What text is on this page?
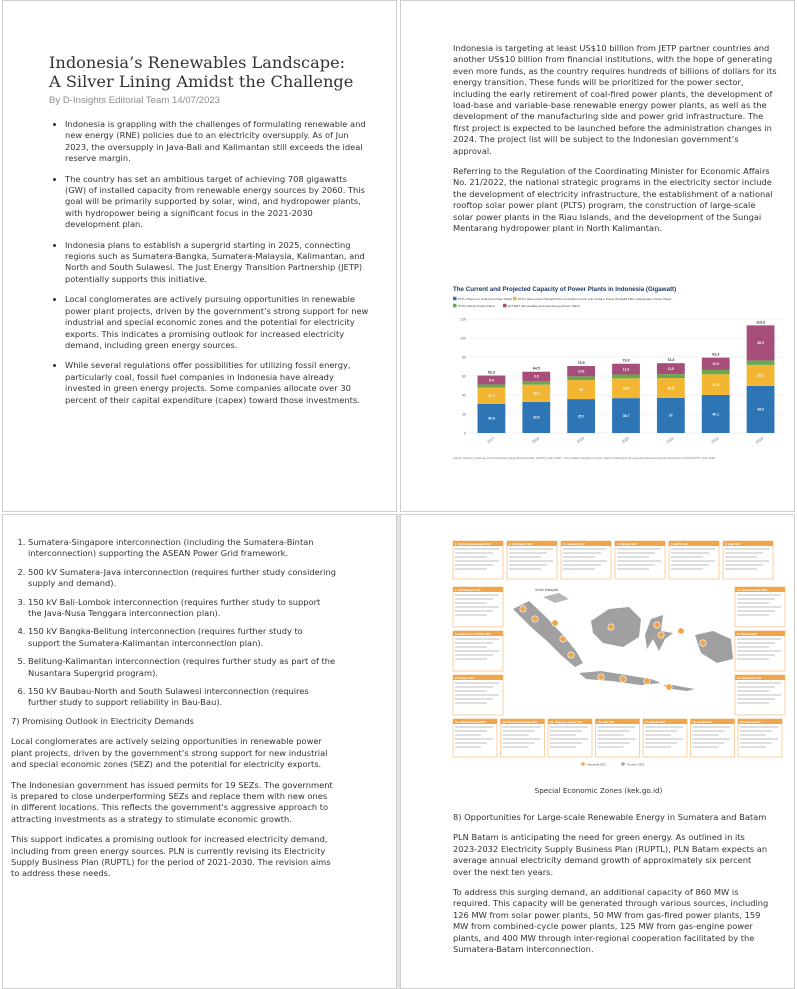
Indonesia’s Renewables Landscape: A Silver Lining Amidst the Challenge
By D-Insights Editorial Team 14/07/2023
• Indonesia is grappling with the challenges of formulating renewable and new energy (RNE) policies due to an electricity oversupply. As of Jun 2023, the oversupply in Java-Bali and Kalimantan still exceeds the ideal reserve margin.
• The country has set an ambitious target of achieving 708 gigawatts (GW) of installed capacity from renewable energy sources by 2060. This goal will be primarily supported by solar, wind, and hydropower plants, with hydropower being a significant focus in the 2021-2030 development plan.
• Indonesia plans to establish a supergrid starting in 2025, connecting regions such as Sumatera-Bangka, Sumatera-Malaysia, Kalimantan, and North and South Sulawesi. The Just Energy Transition Partnership (JETP) potentially supports this initiative.
• Local conglomerates are actively pursuing opportunities in renewable power plant projects, driven by the government’s strong support for new industrial and special economic zones and the potential for electricity exports. This indicates a promising outlook for increased electricity demand, including green energy sources.
• While several regulations offer possibilities for utilizing fossil energy, particularly coal, fossil fuel companies in Indonesia have already invested in green energy projects. Some companies allocate over 30 percent of their capital expenditure (capex) toward those investments.

Indonesia is targeting at least US$10 billion from JETP partner countries and another US$10 billion from financial institutions, with the hope of generating even more funds, as the country requires hundreds of billions of dollars for its energy transition. These funds will be prioritized for the power sector, including the early retirement of coal-fired power plants, the development of load-base and variable-base renewable energy power plants, as well as the development of the manufacturing side and power grid infrastructure. The first project is expected to be launched before the administration changes in 2024. The project list will be subject to the Indonesian government’s approval.

Referring to the Regulation of the Coordinating Minister for Economic Affairs No. 21/2022, the national strategic programs in the electricity sector include the development of electricity infrastructure, the establishment of a national rooftop solar power plant (PLTS) program, the construction of large-scale solar power plants in the Riau Islands, and the development of the Sungai Mentarang hydropower plant in North Kalimantan.

The Current and Projected Capacity of Power Plants in Indonesia (Gigawatt)
PLTU (Steam or Coal-Fire Power Plant) PLTG (Gas power Plant)/PLTGU (Combined Cycle Gas Turbine Power Plant)/PLTMG (Gas Engine Power Plant)
PLTD (Diesel Power Plant)	PLT EBT (Renewable and New Energy Power Plant)
0
20
40
60
80
100
120
30.8
17.1
9.4
52.3
2017
32.8
18.1
9.8
64.5
2018
35.7
20
10.9
70.5
2019
36.7
20.8
11.3
73.3
2020
37
20.8
11.5
74.3
2021
40.1
21.8
12.9
81.3
2022
49.6
22.1
36.9
113.3
2023*
Source: Ministry of Energy, PLN's Electricity Supply Business Plan (RUPTL) 2021-2030 • *The installed capacity of power plants in 2023 plus the targeted additional capacity according to PLN's RUPTL 2021-2030
1. Sumatera-Singapore interconnection (including the Sumatera-Bintan interconnection) supporting the ASEAN Power Grid framework.
2. 500 kV Sumatera-Java interconnection (requires further study considering supply and demand).
3. 150 kV Bali-Lombok interconnection (requires further study to support the Java-Nusa Tenggara interconnection plan).
4. 150 kV Bangka-Belitung interconnection (requires further study to support the Sumatera-Kalimantan interconnection plan).
5. Belitung-Kalimantan interconnection (requires further study as part of the Nusantara Supergrid program).
6. 150 kV Baubau-North and South Sulawesi interconnection (requires further study to support reliability in Bau-Bau).

7) Promising Outlook in Electricity Demands

Local conglomerates are actively seizing opportunities in renewable power plant projects, driven by the government’s strong support for new industrial and special economic zones (SEZ) and the potential for electricity exports.

The Indonesian government has issued permits for 19 SEZs. The government is prepared to close underperforming SEZs and replace them with new ones in different locations. This reflects the government's aggressive approach to attracting investments as a strategy to stimulate economic growth.

This support indicates a promising outlook for increased electricity demand, including from green energy sources. PLN is currently revising its Electricity Supply Business Plan (RUPTL) for the period of 2021-2030. The revision aims to address these needs.

1. Arun Lhokseumawe SEZ	2. Singhasari SEZ	3. Likupang SEZ	4. Morotai SEZ	5. MBTK SEZ	6. Palu SEZ
7. Sei Mangkei SEZ
8. Batam Aero Technic SEZ
9. Nongsa SEZ
10. Lhokseumawe SEZ
11. Bitung SEZ
12. Mandalika SEZ
13. Galang Batang SEZ	14. Tanjung Kelayang SEZ	15. Tanjung Lesung SEZ	16. Lido SEZ	17. Kendal SEZ	18. Gresik SEZ	19. Sorong SEZ
South Malaysia
Industrial SEZ	Tourism SEZ
Special Economic Zones (kek.go.id)

8) Opportunities for Large-scale Renewable Energy in Sumatera and Batam

PLN Batam is anticipating the need for green energy. As outlined in its 2023-2032 Electricity Supply Business Plan (RUPTL), PLN Batam expects an average annual electricity demand growth of approximately six percent over the next ten years.

To address this surging demand, an additional capacity of 860 MW is required. This capacity will be generated through various sources, including 126 MW from solar power plants, 50 MW from gas-fired power plants, 159 MW from combined-cycle power plants, 125 MW from gas-engine power plants, and 400 MW through inter-regional cooperation facilitated by the Sumatera-Batam interconnection.
